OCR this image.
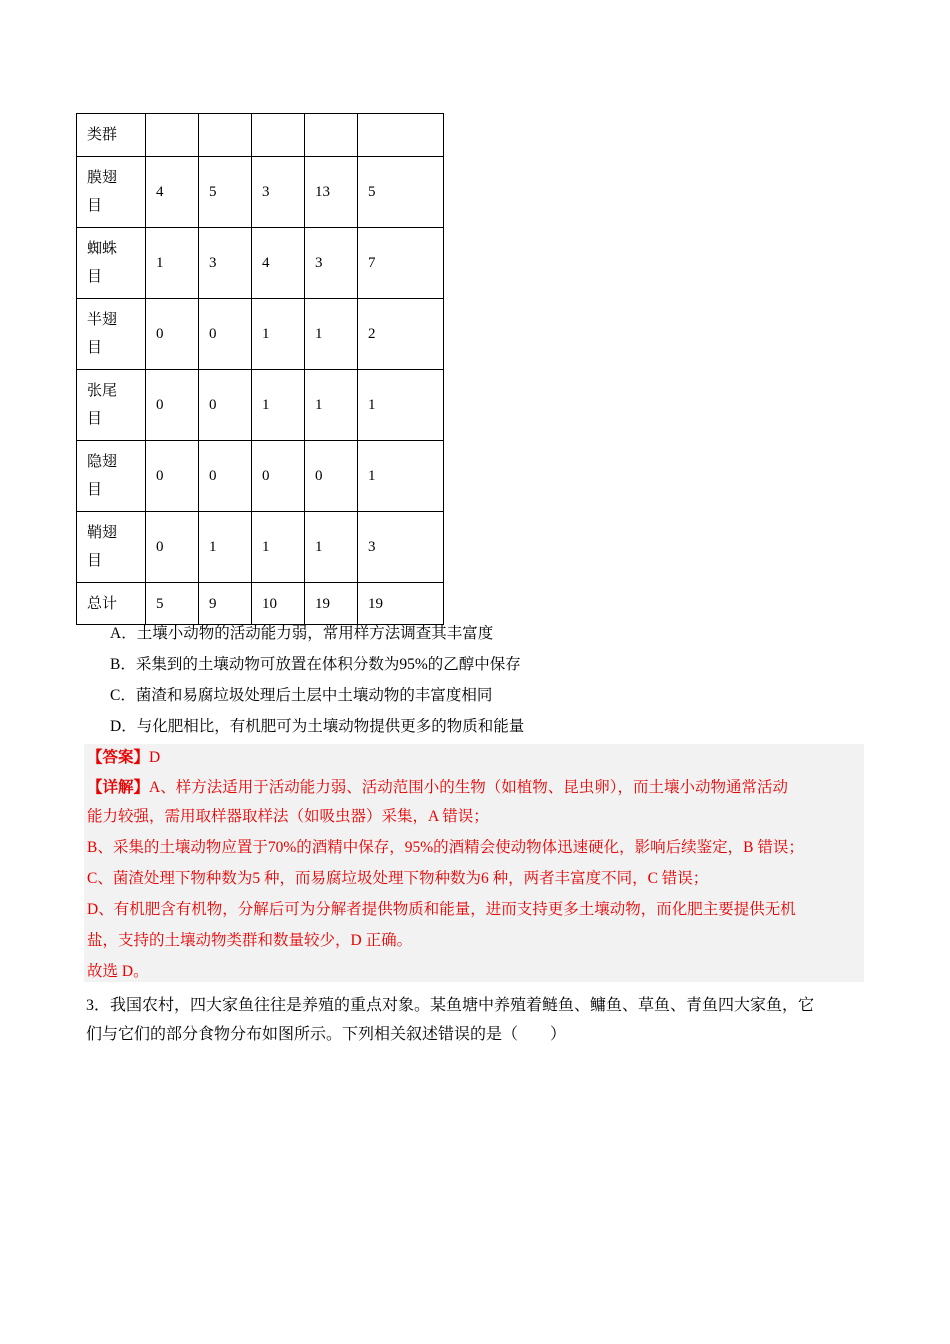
类群					
膜翅
目	4	5	3	13	5
蜘蛛
目	1	3	4	3	7
半翅
目	0	0	1	1	2
张尾
目	0	0	1	1	1
隐翅
目	0	0	0	0	1
鞘翅
目	0	1	1	1	3
总计	5	9	10	19	19
A．土壤小动物的活动能力弱，常用样方法调查其丰富度
B．采集到的土壤动物可放置在体积分数为95%的乙醇中保存
C．菌渣和易腐垃圾处理后土层中土壤动物的丰富度相同
D．与化肥相比，有机肥可为土壤动物提供更多的物质和能量
【答案】D
【详解】A、样方法适用于活动能力弱、活动范围小的生物（如植物、昆虫卵），而土壤小动物通常活动
能力较强，需用取样器取样法（如吸虫器）采集，A 错误；
B、采集的土壤动物应置于70%的酒精中保存，95%的酒精会使动物体迅速硬化，影响后续鉴定，B 错误；
C、菌渣处理下物种数为5 种，而易腐垃圾处理下物种数为6 种，两者丰富度不同，C 错误；
D、有机肥含有机物，分解后可为分解者提供物质和能量，进而支持更多土壤动物，而化肥主要提供无机
盐，支持的土壤动物类群和数量较少，D 正确。
故选 D。
3．我国农村，四大家鱼往往是养殖的重点对象。某鱼塘中养殖着鲢鱼、鳙鱼、草鱼、青鱼四大家鱼，它
们与它们的部分食物分布如图所示。下列相关叙述错误的是（　　）
